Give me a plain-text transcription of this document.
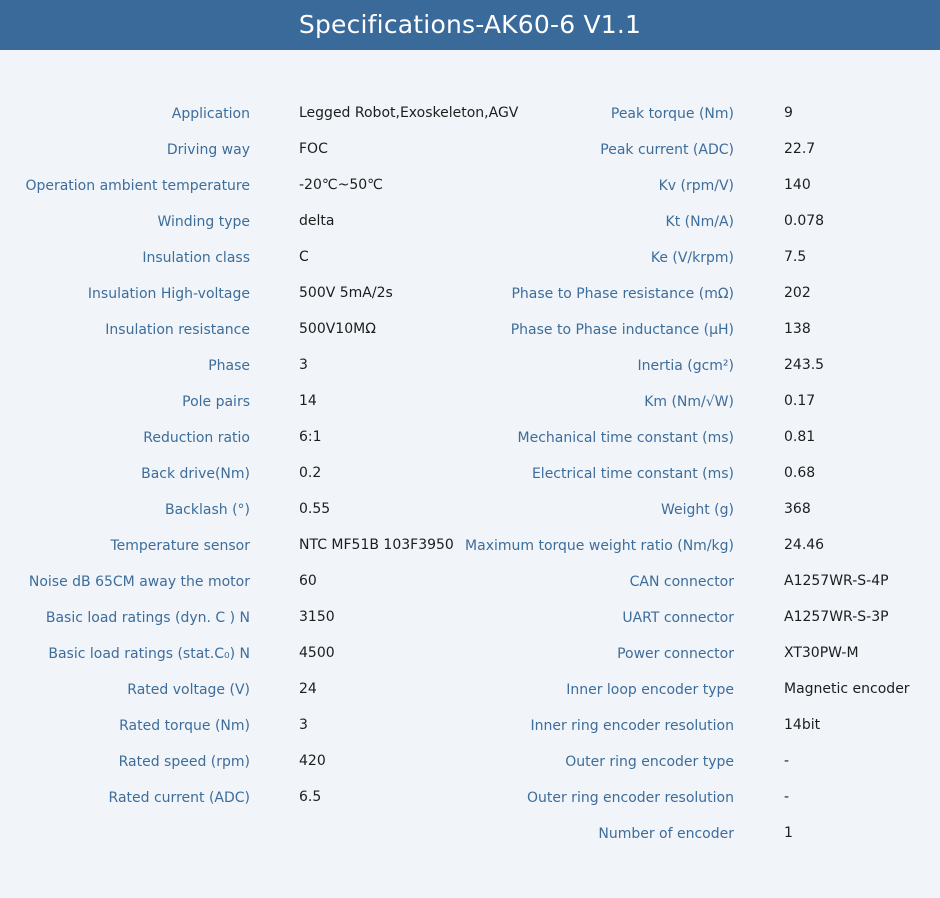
Specifications-AK60-6 V1.1
Application	Legged Robot,Exoskeleton,AGV
Driving way	FOC
Operation ambient temperature	-20℃~50℃
Winding type	delta
Insulation class	C
Insulation High-voltage	500V 5mA/2s
Insulation resistance	500V10MΩ
Phase	3
Pole pairs	14
Reduction ratio	6:1
Back drive(Nm)	0.2
Backlash (°)	0.55
Temperature sensor	NTC MF51B 103F3950
Noise dB 65CM away the motor	60
Basic load ratings (dyn. C ) N	3150
Basic load ratings (stat.C₀) N	4500
Rated voltage (V)	24
Rated torque (Nm)	3
Rated speed (rpm)	420
Rated current (ADC)	6.5
Peak torque (Nm)	9
Peak current (ADC)	22.7
Kv (rpm/V)	140
Kt (Nm/A)	0.078
Ke (V/krpm)	7.5
Phase to Phase resistance (mΩ)	202
Phase to Phase inductance (μH)	138
Inertia (gcm²)	243.5
Km (Nm/√W)	0.17
Mechanical time constant (ms)	0.81
Electrical time constant (ms)	0.68
Weight (g)	368
Maximum torque weight ratio (Nm/kg)	24.46
CAN connector	A1257WR-S-4P
UART connector	A1257WR-S-3P
Power connector	XT30PW-M
Inner loop encoder type	Magnetic encoder
Inner ring encoder resolution	14bit
Outer ring encoder type	-
Outer ring encoder resolution	-
Number of encoder	1
